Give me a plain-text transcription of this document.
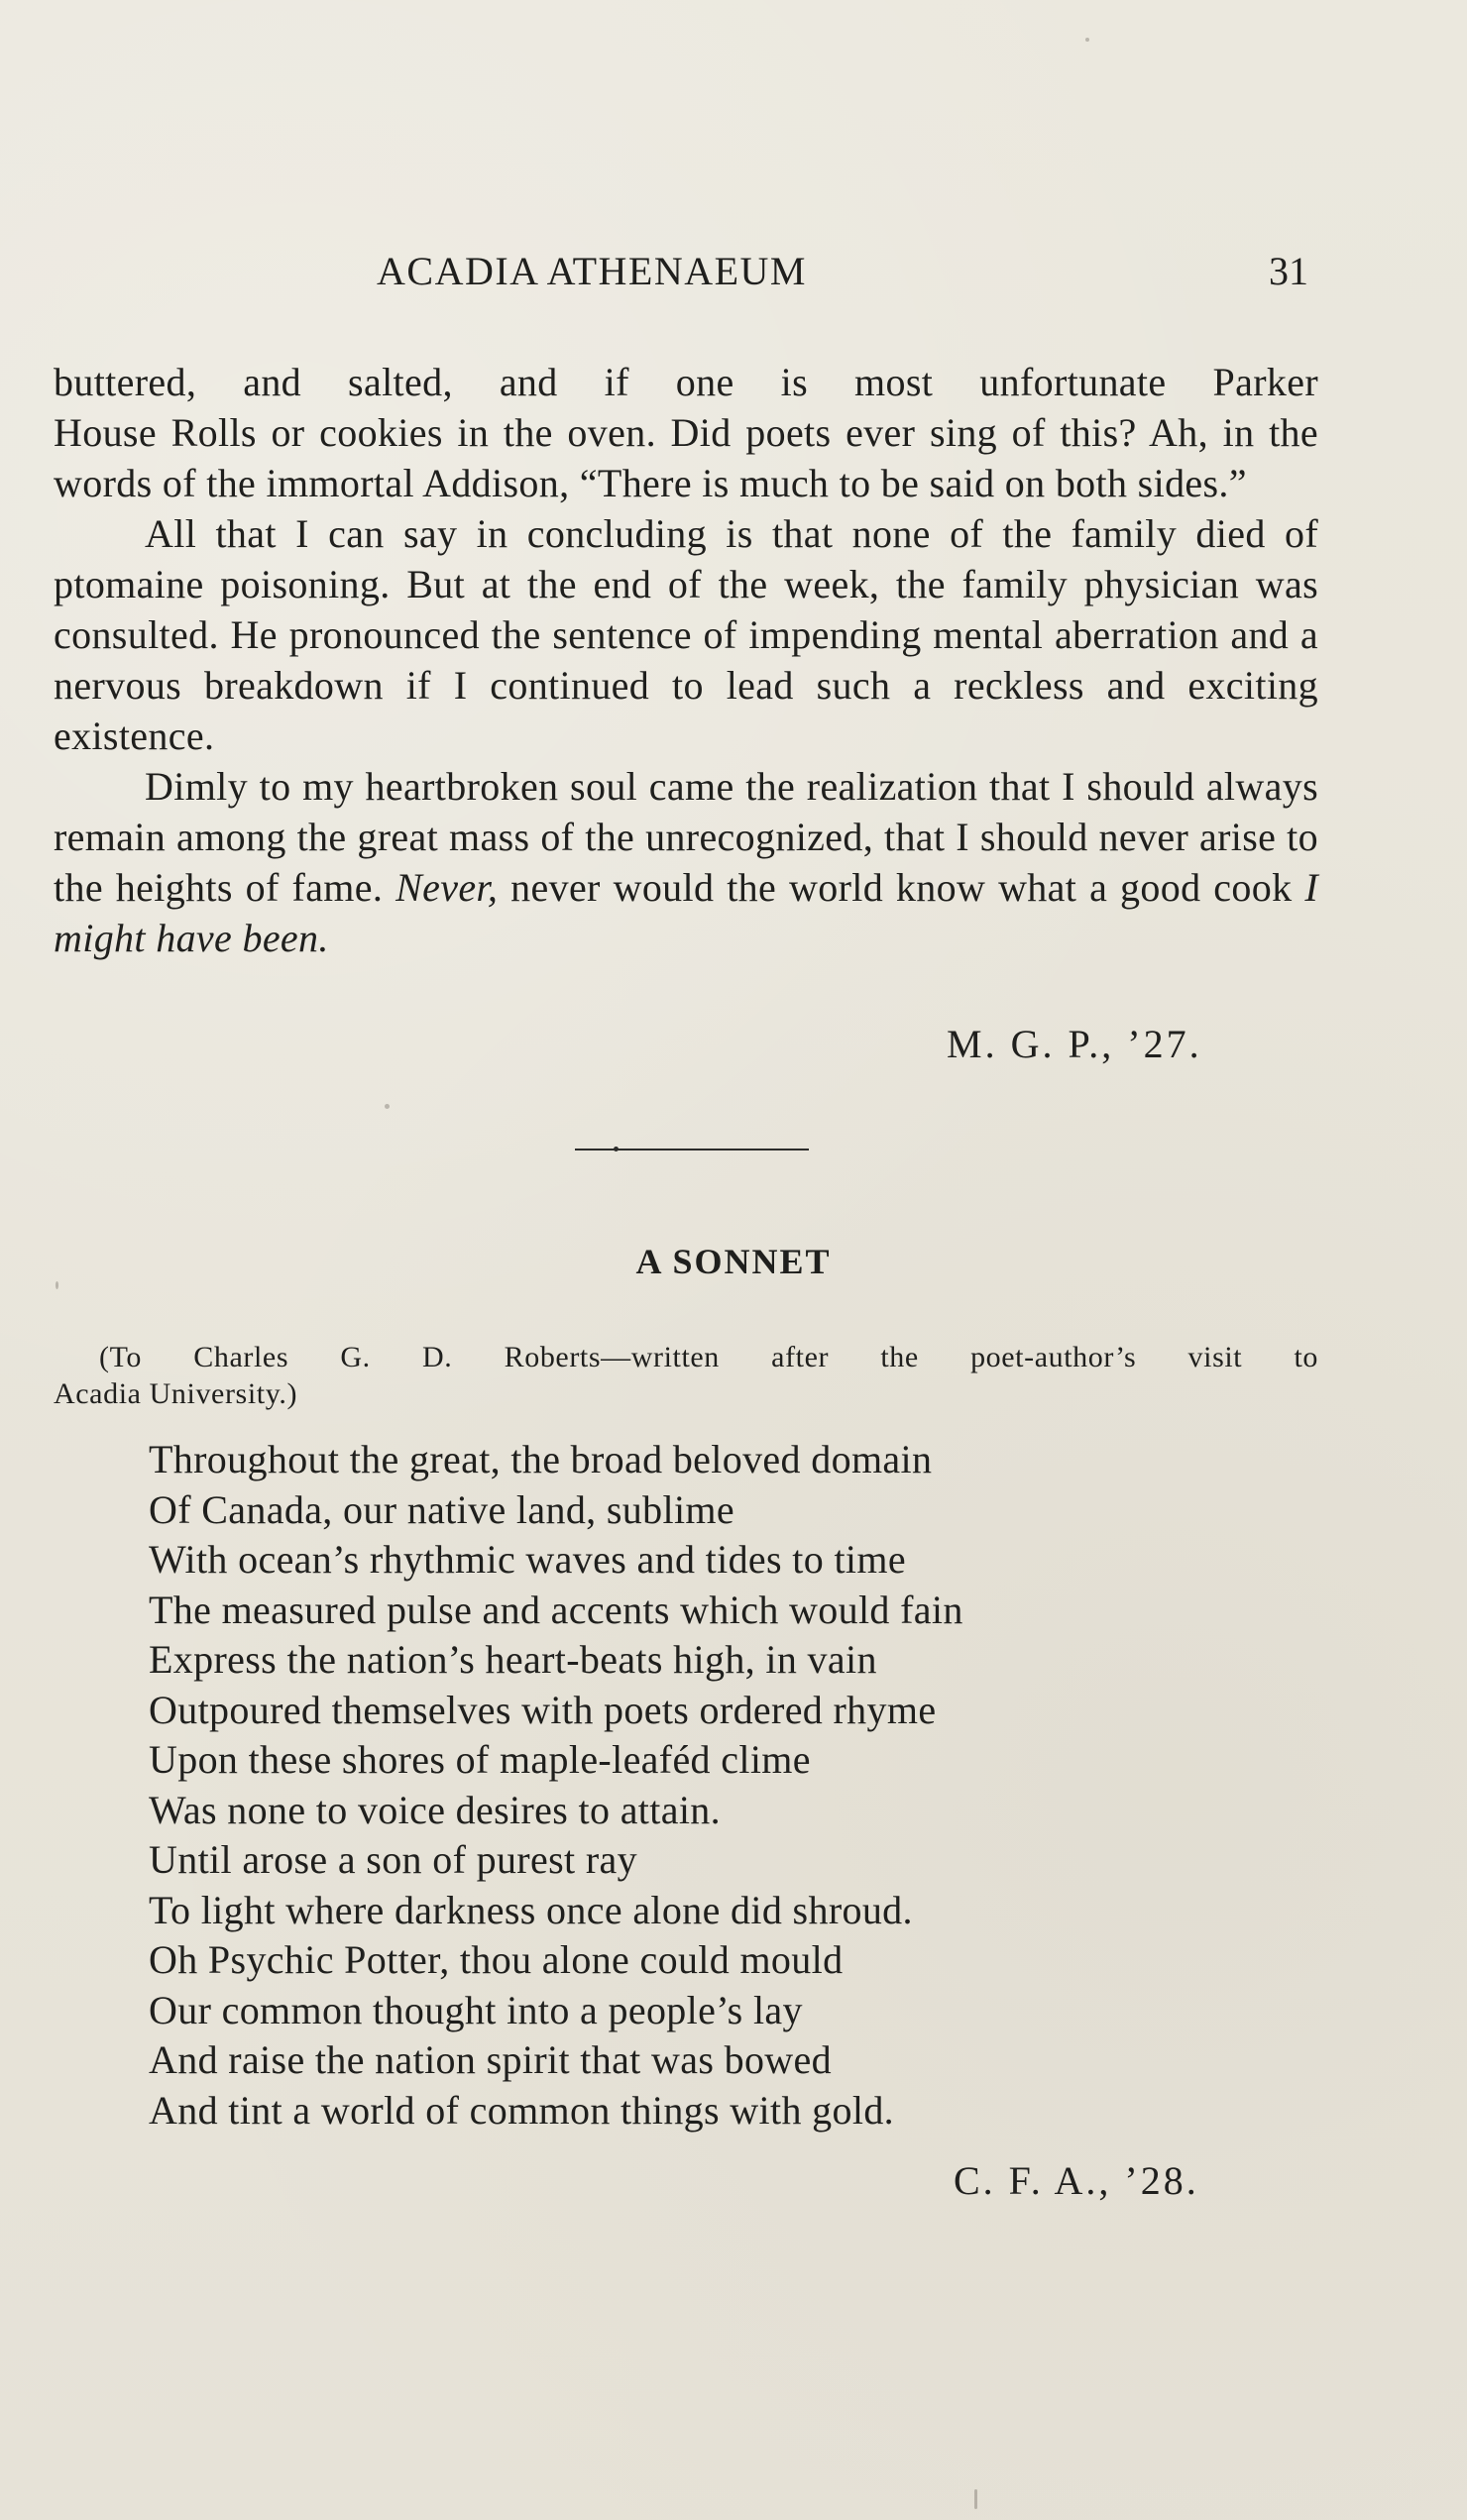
ACADIA ATHENAEUM	31

buttered, and salted, and if one is most unfortunate Parker
House Rolls or cookies in the oven. Did poets ever sing of this? Ah, in the words of the immortal Addison, “There is much to be said on both sides.”

All that I can say in concluding is that none of the family died of ptomaine poisoning. But at the end of the week, the family physician was consulted. He pronounced the sentence of impending mental aberration and a nervous breakdown if I continued to lead such a reckless and exciting existence.

Dimly to my heartbroken soul came the realization that I should always remain among the great mass of the unrecognized, that I should never arise to the heights of fame. Never, never would the world know what a good cook I might have been.

M. G. P., ’27.
A SONNET
(To Charles G. D. Roberts—written after the poet-author’s visit to
Acadia University.)
Throughout the great, the broad beloved domain
Of Canada, our native land, sublime
With ocean’s rhythmic waves and tides to time
The measured pulse and accents which would fain
Express the nation’s heart-beats high, in vain
Outpoured themselves with poets ordered rhyme
Upon these shores of maple-leaféd clime
Was none to voice desires to attain.
Until arose a son of purest ray
To light where darkness once alone did shroud.
Oh Psychic Potter, thou alone could mould
Our common thought into a people’s lay
And raise the nation spirit that was bowed
And tint a world of common things with gold.
C. F. A., ’28.
